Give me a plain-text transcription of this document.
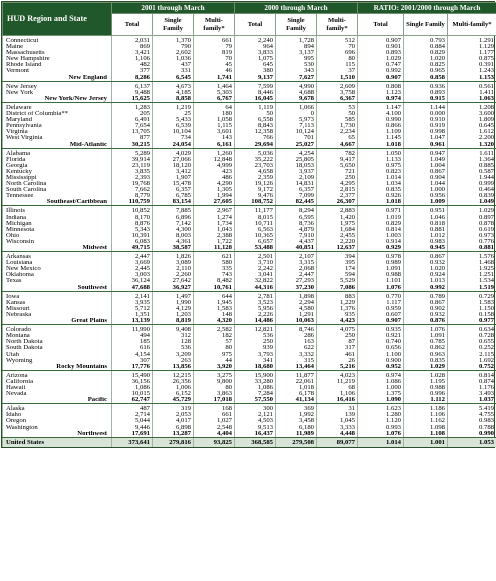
HUD Region and State	2001 through March			2000 through March			RATIO: 2001/2000 through March		
	Total	Single Family	Multi-family*	Total	Single Family	Multi-family*	Total	Single Family	Multi-family*
Connecticut	2,031	1,370	661	2,240	1,728	512	0.907	0.793	1.291
Maine	869	790	79	964	894	70	0.901	0.884	1.129
Massachusetts	3,421	2,602	819	3,833	3,137	696	0.893	0.829	1.177
New Hampshire	1,106	1,036	70	1,075	995	80	1.029	1.020	0.875
Rhode Island	482	437	45	645	530	115	0.747	0.825	0.391
Vermont	377	331	46	380	343	37	0.992	0.965	1.243
New England	8,286	6,545	1,741	9,137	7,627	1,510	0.907	0.858	1.153
New Jersey	6,137	4,673	1,464	7,599	4,990	2,609	0.808	0.936	0.561
New York	9,488	4,185	5,303	8,446	4,688	3,758	1.123	0.893	1.411
New York/New Jersey	15,625	8,858	6,767	16,045	9,678	6,367	0.974	0.915	1.063
Delaware	1,283	1,219	64	1,119	1,066	53	1.147	1.144	1.208
District of Columbia**	205	25	180	50	0	50	4.100	0.000	3.600
Maryland	6,491	5,433	1,058	6,558	5,973	585	0.990	0.910	1.809
Pennsylvania	7,654	6,539	1,115	8,843	7,113	1,730	0.866	0.919	0.645
Virginia	13,705	10,104	3,601	12,358	10,124	2,234	1.109	0.998	1.612
West Virginia	877	734	143	766	701	65	1.145	1.047	2.200
Mid-Atlantic	30,215	24,054	6,161	29,694	25,027	4,667	1.018	0.961	1.320
Alabama	5,289	4,029	1,260	5,036	4,254	782	1.050	0.947	1.611
Florida	39,914	27,066	12,848	35,222	25,805	9,417	1.133	1.049	1.364
Georgia	23,119	18,120	4,999	23,703	18,053	5,650	0.975	1.004	0.885
Kentucky	3,835	3,412	423	4,658	3,937	721	0.823	0.867	0.587
Mississippi	2,393	1,907	486	2,359	2,109	250	1.014	0.904	1.944
North Carolina	19,768	15,478	4,290	19,126	14,831	4,295	1.034	1.044	0.999
South Carolina	7,662	6,357	1,305	9,172	6,357	2,815	0.835	1.000	0.464
Tennessee	8,779	6,785	1,994	9,476	7,099	2,377	0.926	0.956	0.839
Southeast/Caribbean	110,759	83,154	27,605	108,752	82,445	26,307	1.018	1.009	1.049
Illinois	10,852	7,885	2,967	11,177	8,294	2,883	0.971	0.951	1.029
Indiana	8,170	6,896	1,274	8,015	6,595	1,420	1.019	1.046	0.897
Michigan	8,876	7,142	1,734	10,711	8,736	1,975	0.829	0.818	0.878
Minnesota	5,343	4,300	1,043	6,563	4,879	1,684	0.814	0.881	0.619
Ohio	10,391	8,003	2,388	10,365	7,910	2,455	1.003	1.012	0.973
Wisconsin	6,083	4,361	1,722	6,657	4,437	2,220	0.914	0.983	0.776
Midwest	49,715	38,587	11,128	53,488	40,851	12,637	0.929	0.945	0.881
Arkansas	2,447	1,826	621	2,501	2,107	394	0.978	0.867	1.576
Louisiana	3,669	3,089	580	3,710	3,315	395	0.989	0.932	1.468
New Mexico	2,445	2,110	335	2,242	2,068	174	1.091	1.020	1.925
Oklahoma	3,003	2,260	743	3,041	2,447	594	0.988	0.924	1.251
Texas	36,124	27,642	8,482	32,822	27,293	5,529	1.101	1.013	1.534
Southwest	47,688	36,927	10,761	44,316	37,230	7,086	1.076	0.992	1.519
Iowa	2,141	1,497	644	2,781	1,898	883	0.770	0.789	0.729
Kansas	3,935	1,990	1,945	3,523	2,294	1,229	1.117	0.867	1.583
Missouri	5,712	4,129	1,583	5,956	4,580	1,376	0.959	0.902	1.150
Nebraska	1,351	1,203	148	2,226	1,291	935	0.607	0.932	0.158
Great Plains	13,139	8,819	4,320	14,486	10,063	4,423	0.907	0.876	0.977
Colorado	11,990	9,408	2,582	12,821	8,746	4,075	0.935	1.076	0.634
Montana	494	312	182	536	286	250	0.921	1.091	0.728
North Dakota	185	128	57	250	163	87	0.740	0.785	0.655
South Dakota	616	536	80	939	622	317	0.656	0.862	0.252
Utah	4,154	3,209	975	3,793	3,332	461	1.100	0.963	2.115
Wyoming	307	263	44	341	315	26	0.900	0.835	1.692
Rocky Mountains	17,776	13,856	3,920	18,680	13,464	5,216	0.952	1.029	0.752
Arizona	15,490	12,215	3,275	15,900	11,877	4,023	0.974	1.028	0.814
California	36,156	26,356	9,800	33,280	22,061	11,219	1.086	1.195	0.874
Hawaii	1,086	1,006	80	1,086	1,018	68	1.000	0.988	1.176
Nevada	10,015	6,152	3,863	7,284	6,178	1,106	1.375	0.996	3.493
Pacific	62,747	45,729	17,018	57,550	41,134	16,416	1.090	1.112	1.037
Alaska	487	319	168	300	369	31	1.623	1.186	5.419
Idaho	2,714	2,053	661	2,121	1,992	139	1.280	1.106	4.755
Oregon	5,044	4,017	1,027	4,503	3,458	1,045	1.120	1.162	0.983
Washington	9,446	6,898	2,548	9,513	6,180	3,333	0.993	1.098	0.788
Northwest	17,691	13,287	4,404	16,437	11,989	4,448	1.076	1.108	0.990
United States	373,641	279,816	93,825	368,585	279,508	89,077	1.014	1.001	1.053
